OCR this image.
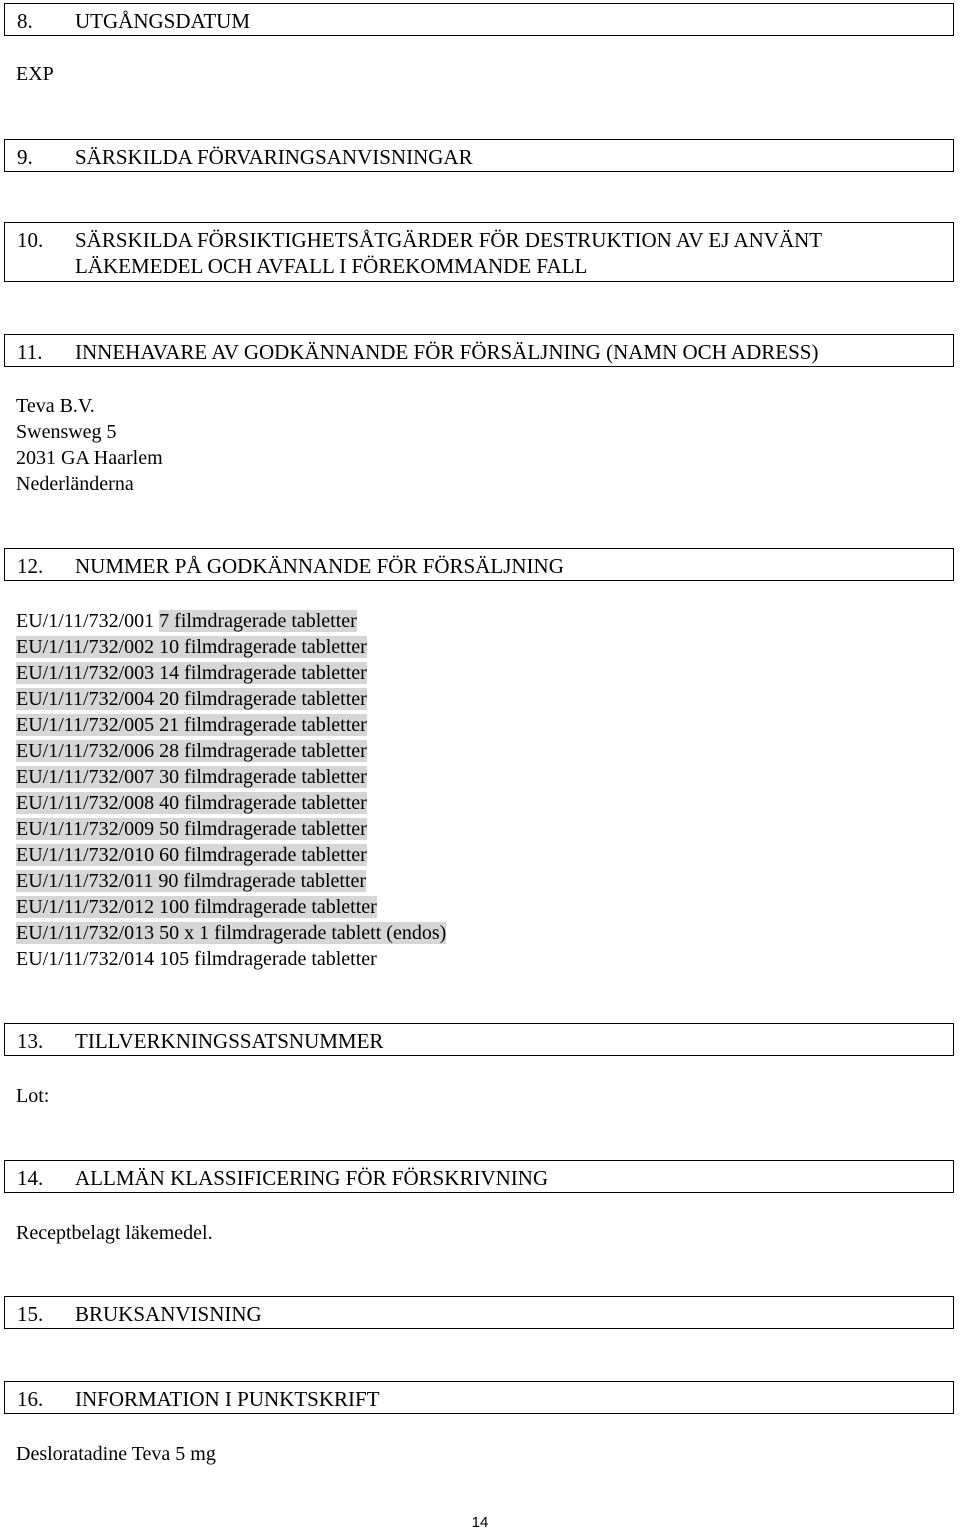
8. UTGÅNGSDATUM
EXP
9. SÄRSKILDA FÖRVARINGSANVISNINGAR
10. SÄRSKILDA FÖRSIKTIGHETSÅTGÄRDER FÖR DESTRUKTION AV EJ ANVÄNT LÄKEMEDEL OCH AVFALL I FÖREKOMMANDE FALL
11. INNEHAVARE AV GODKÄNNANDE FÖR FÖRSÄLJNING (NAMN OCH ADRESS)
Teva B.V.
Swensweg 5
2031 GA Haarlem
Nederländerna
12. NUMMER PÅ GODKÄNNANDE FÖR FÖRSÄLJNING
EU/1/11/732/001 7 filmdragerade tabletter
EU/1/11/732/002 10 filmdragerade tabletter
EU/1/11/732/003 14 filmdragerade tabletter
EU/1/11/732/004 20 filmdragerade tabletter
EU/1/11/732/005 21 filmdragerade tabletter
EU/1/11/732/006 28 filmdragerade tabletter
EU/1/11/732/007 30 filmdragerade tabletter
EU/1/11/732/008 40 filmdragerade tabletter
EU/1/11/732/009 50 filmdragerade tabletter
EU/1/11/732/010 60 filmdragerade tabletter
EU/1/11/732/011 90 filmdragerade tabletter
EU/1/11/732/012 100 filmdragerade tabletter
EU/1/11/732/013 50 x 1 filmdragerade tablett (endos)
EU/1/11/732/014 105 filmdragerade tabletter
13. TILLVERKNINGSSATSNUMMER
Lot:
14. ALLMÄN KLASSIFICERING FÖR FÖRSKRIVNING
Receptbelagt läkemedel.
15. BRUKSANVISNING
16. INFORMATION I PUNKTSKRIFT
Desloratadine Teva 5 mg
14
